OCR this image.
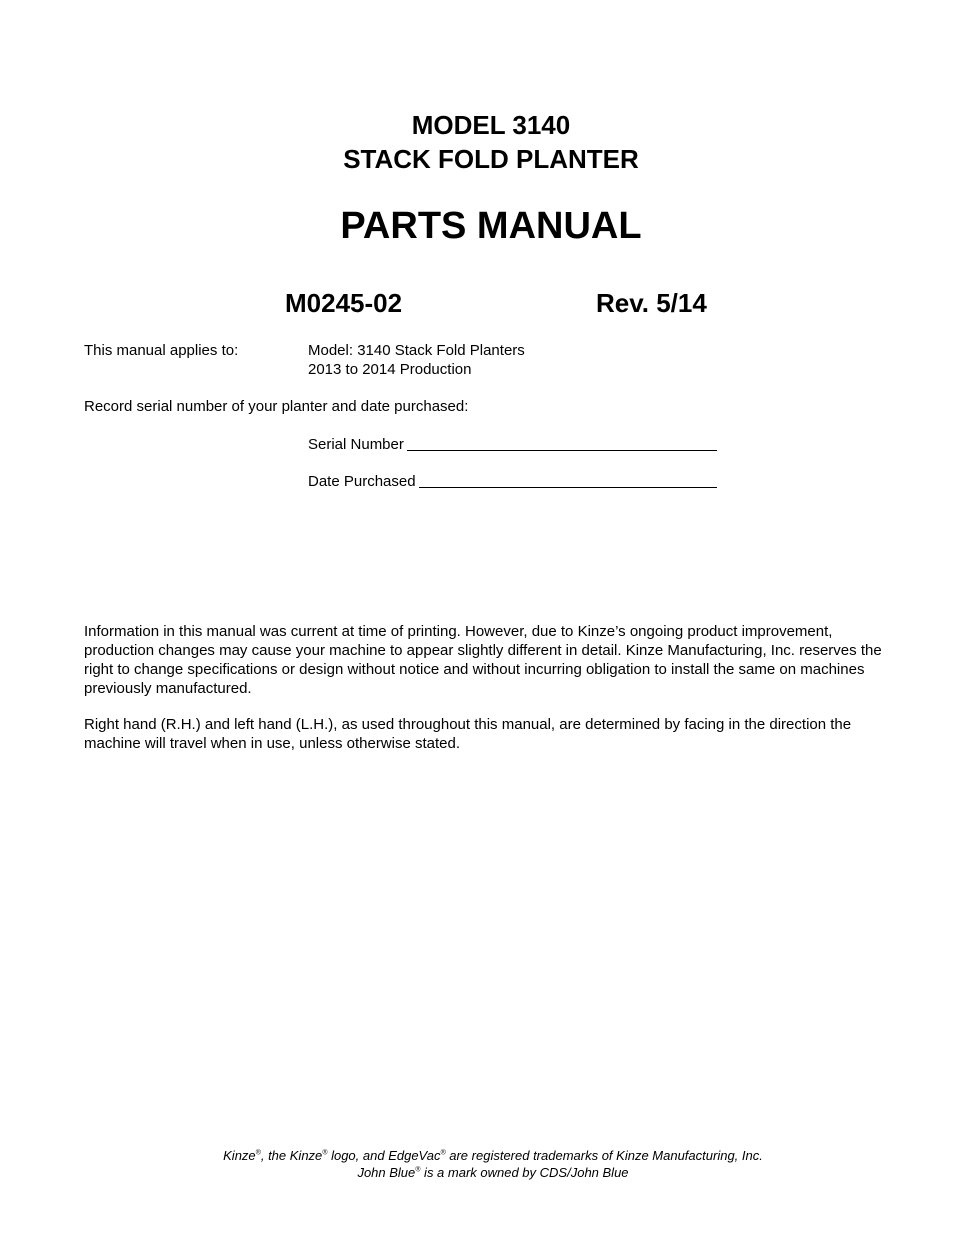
MODEL 3140
STACK FOLD PLANTER
PARTS MANUAL
M0245-02	Rev. 5/14
This manual applies to:	Model: 3140 Stack Fold Planters
2013 to 2014 Production
Record serial number of your planter and date purchased:
Serial Number
Date Purchased

Information in this manual was current at time of printing. However, due to Kinze’s ongoing product improvement, production changes may cause your machine to appear slightly different in detail. Kinze Manufacturing, Inc. reserves the right to change specifications or design without notice and without incurring obligation to install the same on machines previously manufactured.

Right hand (R.H.) and left hand (L.H.), as used throughout this manual, are determined by facing in the direction the machine will travel when in use, unless otherwise stated.

Kinze®, the Kinze® logo, and EdgeVac® are registered trademarks of Kinze Manufacturing, Inc.
John Blue® is a mark owned by CDS/John Blue
